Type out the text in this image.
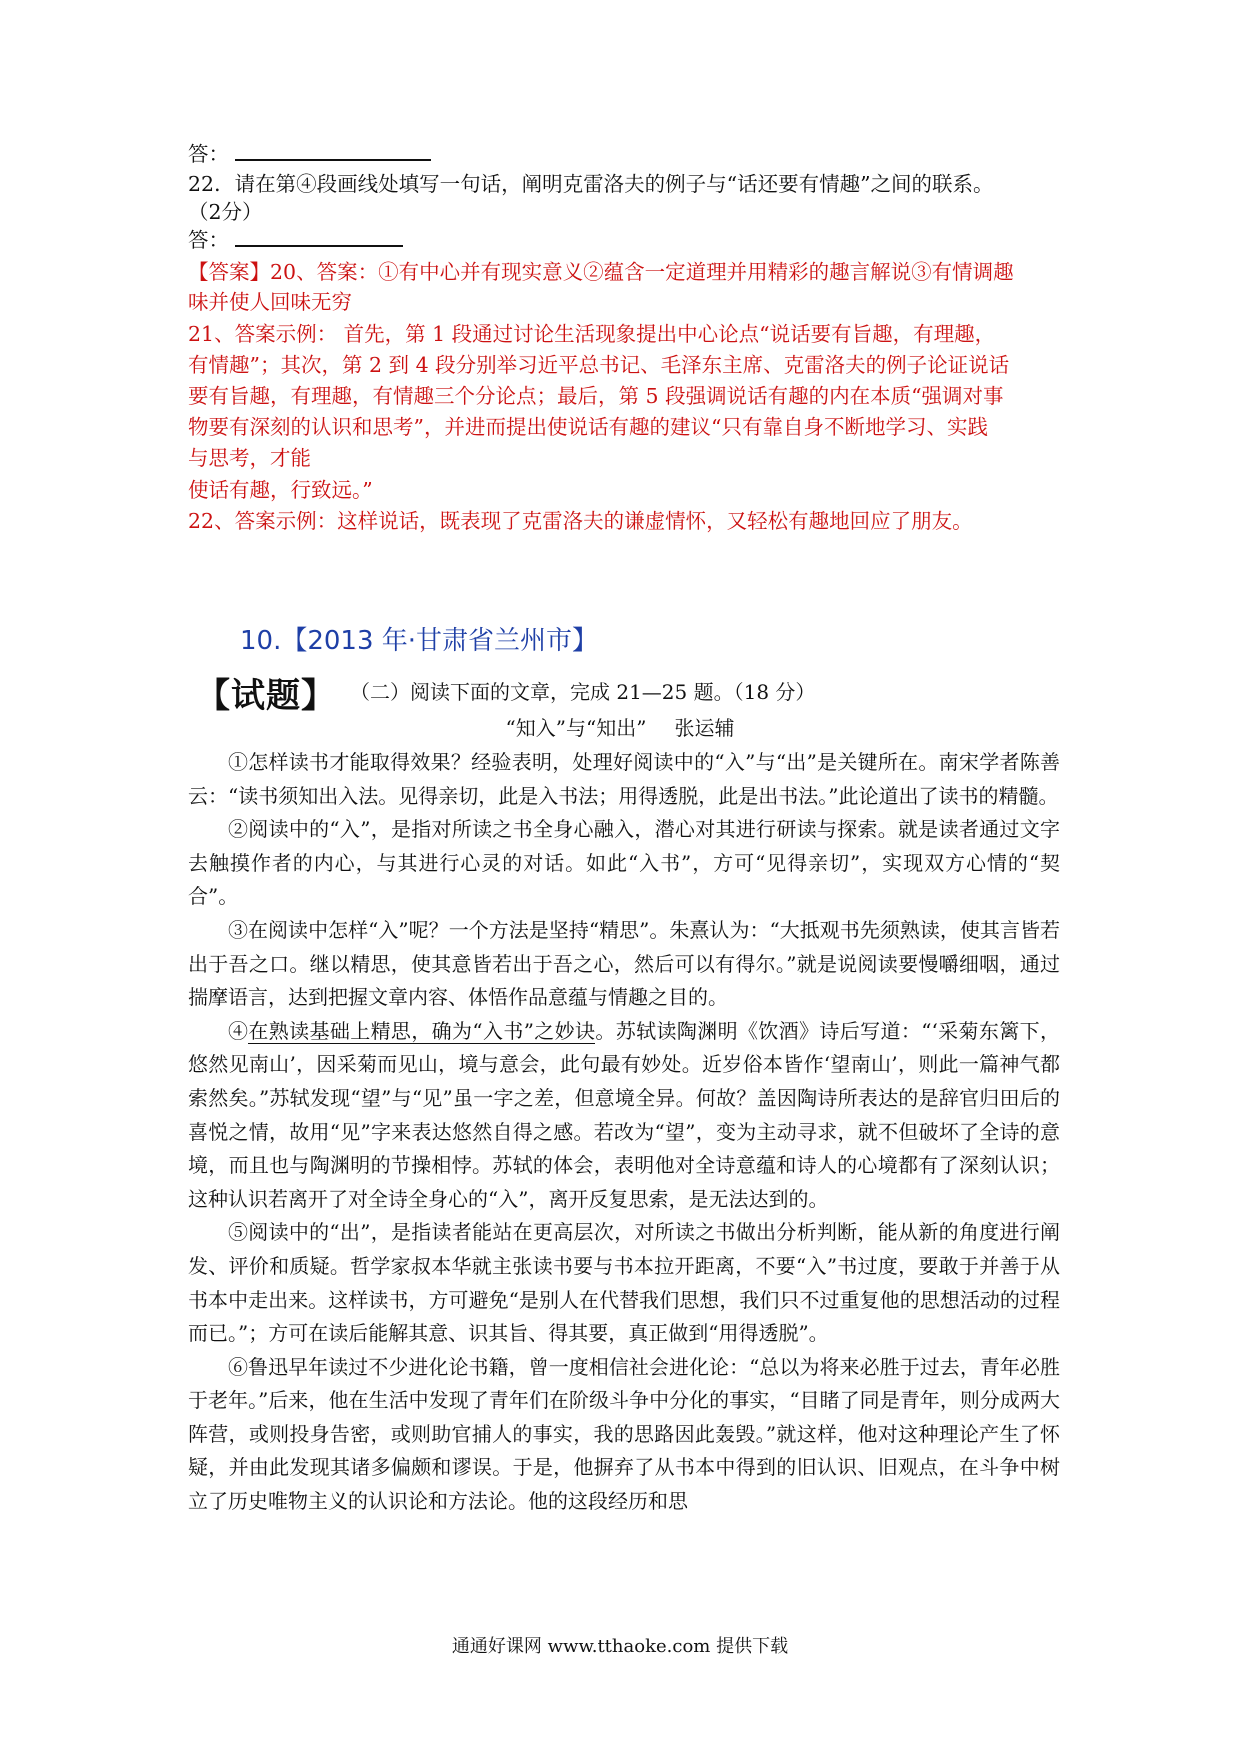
答：
22．请在第④段画线处填写一句话，阐明克雷洛夫的例子与“话还要有情趣”之间的联系。
（2分）
答：
【答案】20、答案：①有中心并有现实意义②蕴含一定道理并用精彩的趣言解说③有情调趣
味并使人回味无穷
21、答案示例： 首先，第 1 段通过讨论生活现象提出中心论点“说话要有旨趣，有理趣，
有情趣”；其次，第 2 到 4 段分别举习近平总书记、毛泽东主席、克雷洛夫的例子论证说话
要有旨趣，有理趣，有情趣三个分论点；最后，第 5 段强调说话有趣的内在本质“强调对事
物要有深刻的认识和思考”，并进而提出使说话有趣的建议“只有靠自身不断地学习、实践
与思考，才能
使话有趣，行致远。”
22、答案示例：这样说话，既表现了克雷洛夫的谦虚情怀，又轻松有趣地回应了朋友。
10.【2013 年·甘肃省兰州市】
【试题】 （二）阅读下面的文章，完成 21—25 题。（18 分）
“知入”与“知出” 张运辅

①怎样读书才能取得效果？经验表明，处理好阅读中的“入”与“出”是关键所在。南宋学者陈善云：“读书须知出入法。见得亲切，此是入书法；用得透脱，此是出书法。”此论道出了读书的精髓。

②阅读中的“入”，是指对所读之书全身心融入，潜心对其进行研读与探索。就是读者通过文字去触摸作者的内心，与其进行心灵的对话。如此“入书”，方可“见得亲切”，实现双方心情的“契合”。

③在阅读中怎样“入”呢？一个方法是坚持“精思”。朱熹认为：“大抵观书先须熟读，使其言皆若出于吾之口。继以精思，使其意皆若出于吾之心，然后可以有得尔。”就是说阅读要慢嚼细咽，通过揣摩语言，达到把握文章内容、体悟作品意蕴与情趣之目的。

④在熟读基础上精思，确为“入书”之妙诀。苏轼读陶渊明《饮酒》诗后写道：“‘采菊东篱下，悠然见南山’，因采菊而见山，境与意会，此句最有妙处。近岁俗本皆作‘望南山’，则此一篇神气都索然矣。”苏轼发现“望”与“见”虽一字之差，但意境全异。何故？盖因陶诗所表达的是辞官归田后的喜悦之情，故用“见”字来表达悠然自得之感。若改为“望”，变为主动寻求，就不但破坏了全诗的意境，而且也与陶渊明的节操相悖。苏轼的体会，表明他对全诗意蕴和诗人的心境都有了深刻认识；这种认识若离开了对全诗全身心的“入”，离开反复思索，是无法达到的。

⑤阅读中的“出”，是指读者能站在更高层次，对所读之书做出分析判断，能从新的角度进行阐发、评价和质疑。哲学家叔本华就主张读书要与书本拉开距离，不要“入”书过度，要敢于并善于从书本中走出来。这样读书，方可避免“是别人在代替我们思想，我们只不过重复他的思想活动的过程而已。”；方可在读后能解其意、识其旨、得其要，真正做到“用得透脱”。

⑥鲁迅早年读过不少进化论书籍，曾一度相信社会进化论：“总以为将来必胜于过去，青年必胜于老年。”后来，他在生活中发现了青年们在阶级斗争中分化的事实，“目睹了同是青年，则分成两大阵营，或则投身告密，或则助官捕人的事实，我的思路因此轰毁。”就这样，他对这种理论产生了怀疑，并由此发现其诸多偏颇和谬误。于是，他摒弃了从书本中得到的旧认识、旧观点，在斗争中树立了历史唯物主义的认识论和方法论。他的这段经历和思

通通好课网 www.tthaoke.com 提供下载
